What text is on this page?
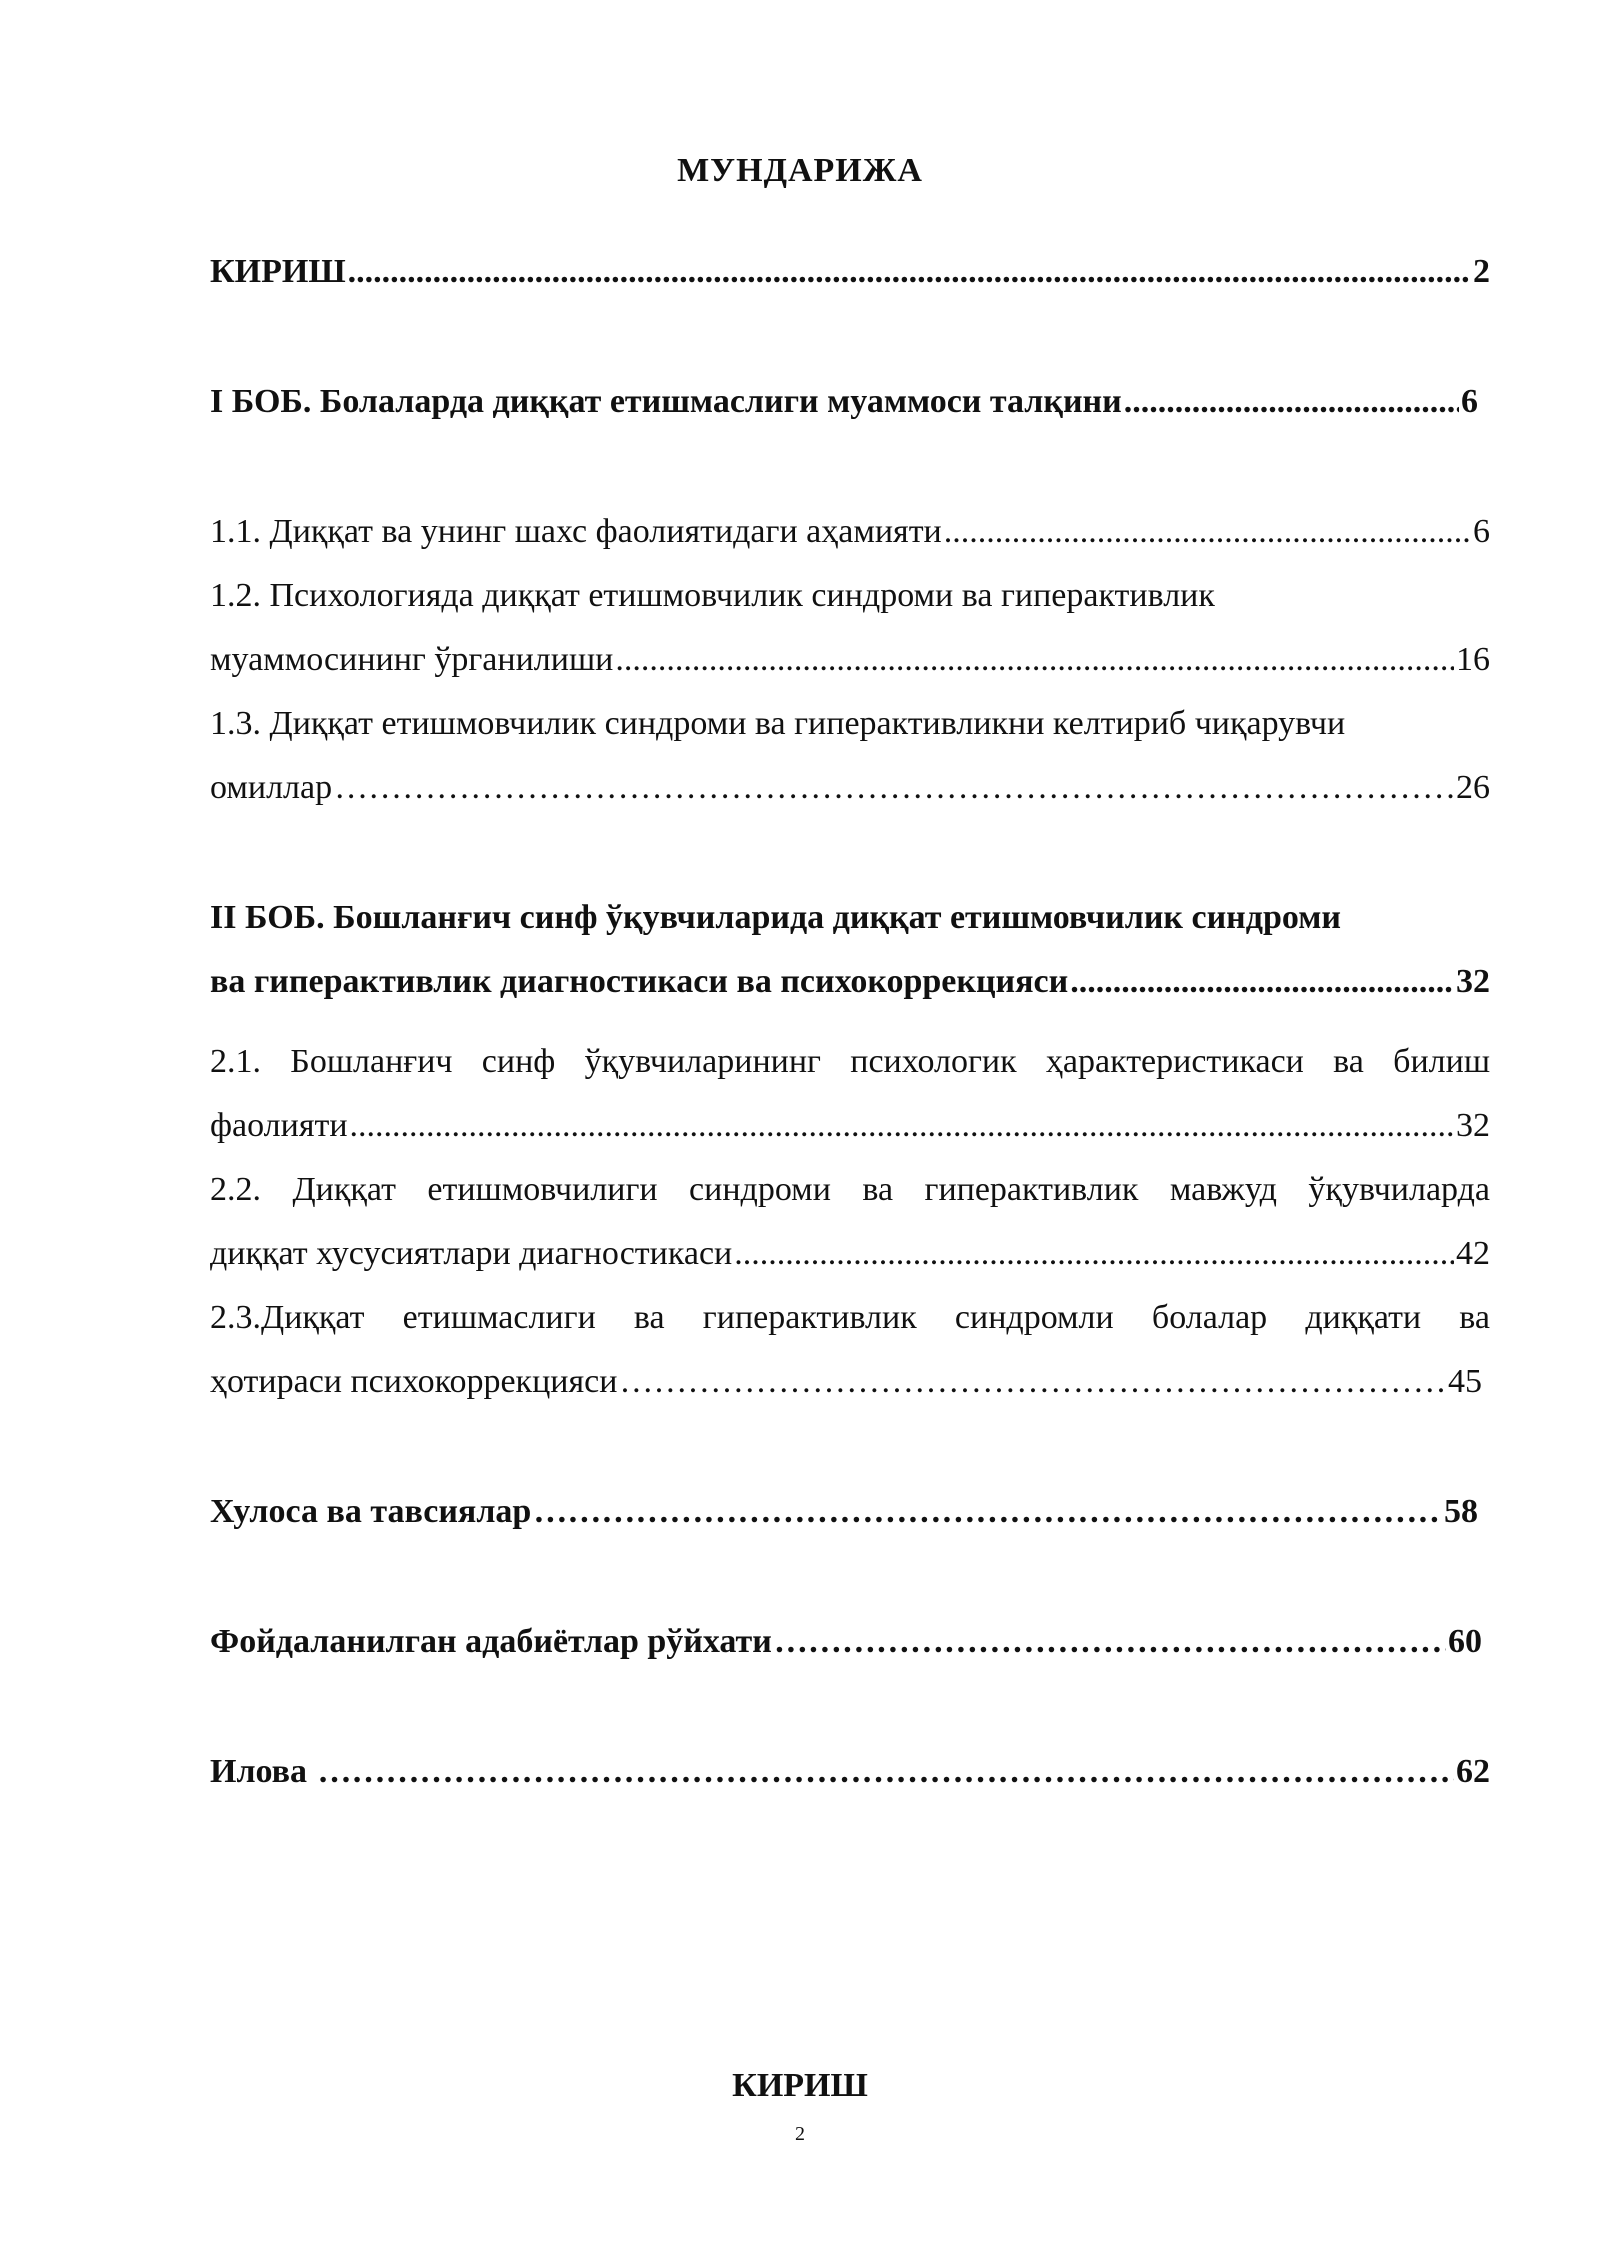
МУНДАРИЖА
КИРИШ .....	2
I БОБ. Болаларда диққат етишмаслиги муаммоси талқини .....	6
1.1. Диққат ва унинг шахс фаолиятидаги аҳамияти .....	6
1.2. Психологияда диққат етишмовчилик синдроми ва гиперактивлик
муаммосининг ўрганилиши .....	16
1.3. Диққат етишмовчилик синдроми ва гиперактивликни келтириб чиқарувчи
омиллар ………………………………………………………………………………………………………………………………………………………………………………………………………………	26
II БОБ. Бошланғич синф ўқувчиларида диққат етишмовчилик синдроми
ва гиперактивлик диагностикаси ва психокоррекцияси .....	32
2.1. Бошланғич синф ўқувчиларининг психологик ҳарактеристикаси ва билиш
фаолияти .....	32
2.2. Диққат етишмовчилиги синдроми ва гиперактивлик мавжуд ўқувчиларда
диққат хусусиятлари диагностикаси .....	42
2.3.Диққат етишмаслиги ва гиперактивлик синдромли болалар диққати ва
ҳотираси психокоррекцияси ………………………………………………………………………………………………………………………………………………………………………………………………………………	45
Хулоса ва тавсиялар ………………………………………………………………………………………………………………………………………………………………………………………………………………	58
Фойдаланилган адабиётлар рўйхати ………………………………………………………………………………………………………………………………………………………………………………………………………………	60
Илова ………………………………………………………………………………………………………………………………………………………………………………………………………………	62
КИРИШ
2
